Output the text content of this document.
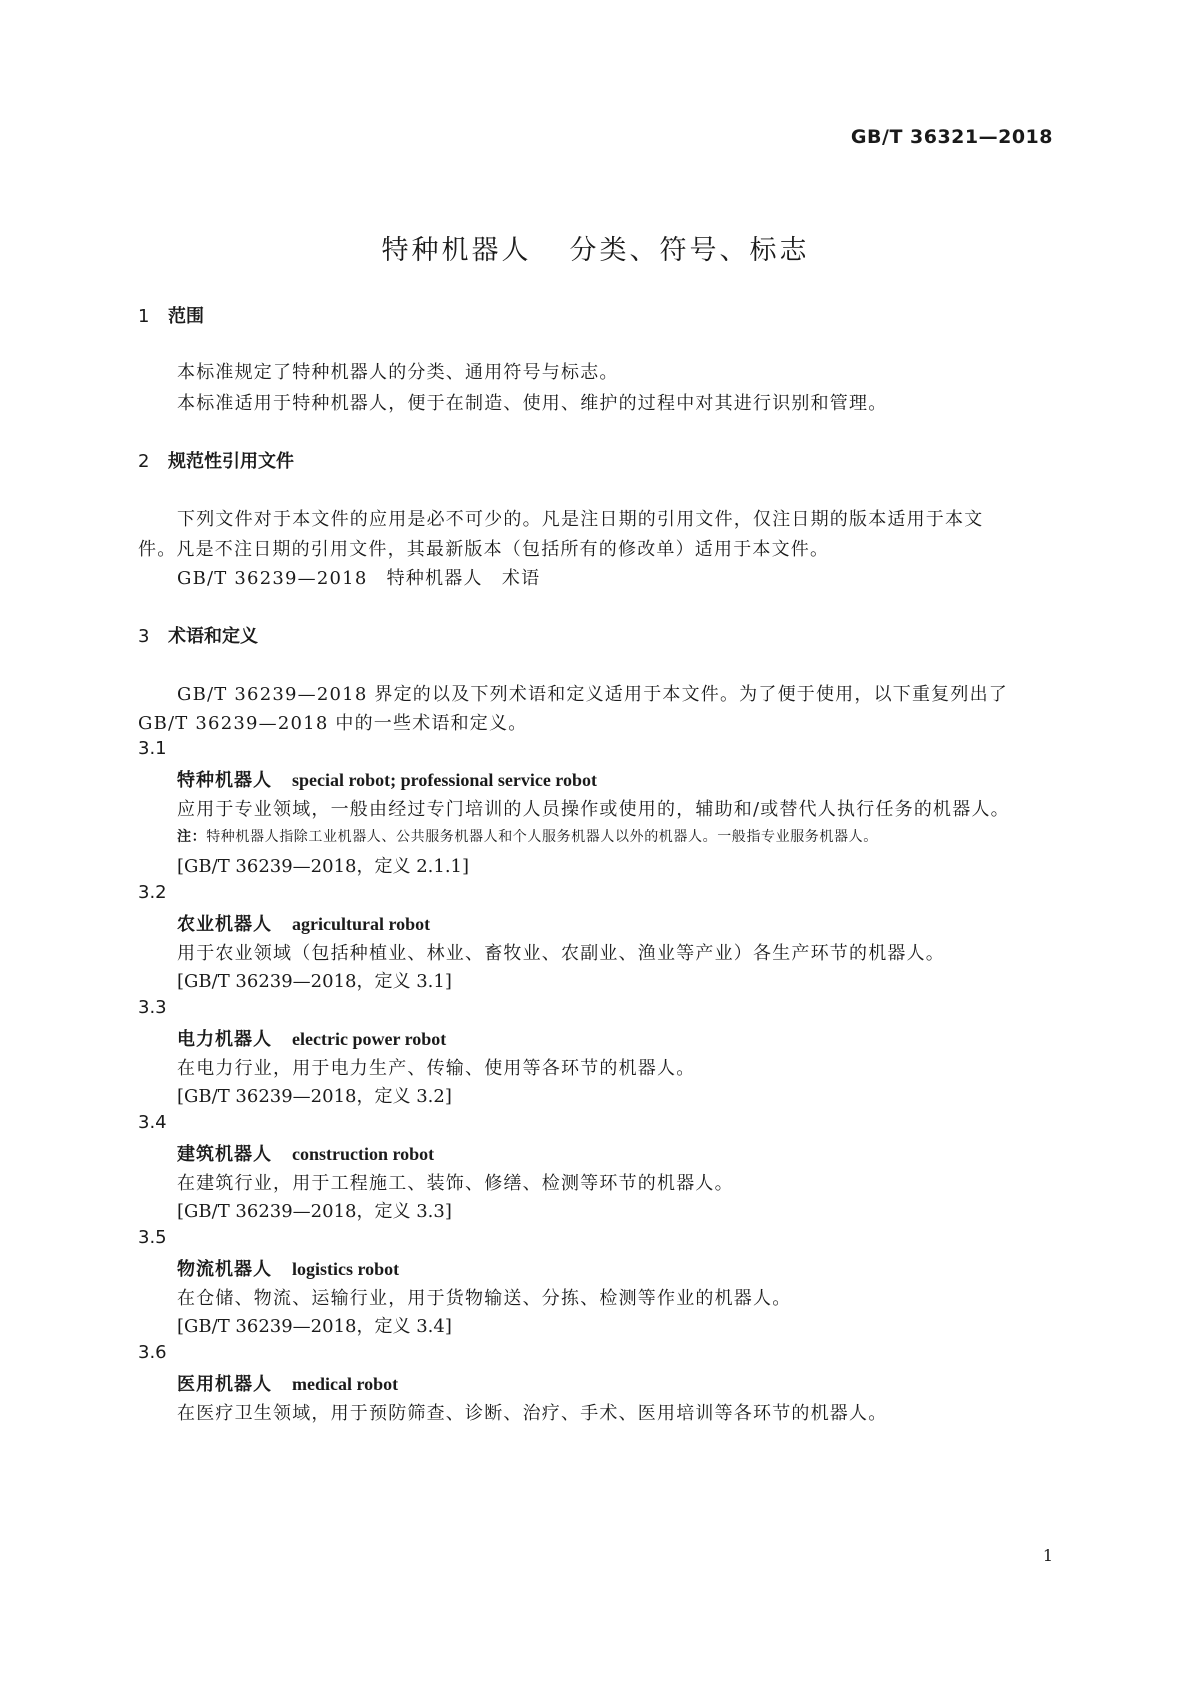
GB/T 36321—2018
特种机器人 分类、符号、标志
1 范围
本标准规定了特种机器人的分类、通用符号与标志。
本标准适用于特种机器人，便于在制造、使用、维护的过程中对其进行识别和管理。
2 规范性引用文件
下列文件对于本文件的应用是必不可少的。凡是注日期的引用文件，仅注日期的版本适用于本文
件。凡是不注日期的引用文件，其最新版本（包括所有的修改单）适用于本文件。
GB/T 36239—2018　特种机器人　术语
3 术语和定义
GB/T 36239—2018 界定的以及下列术语和定义适用于本文件。为了便于使用，以下重复列出了
GB/T 36239—2018 中的一些术语和定义。
3.1
特种机器人 special robot; professional service robot
应用于专业领域，一般由经过专门培训的人员操作或使用的，辅助和/或替代人执行任务的机器人。
注：特种机器人指除工业机器人、公共服务机器人和个人服务机器人以外的机器人。一般指专业服务机器人。
[GB/T 36239—2018，定义 2.1.1]
3.2
农业机器人 agricultural robot
用于农业领域（包括种植业、林业、畜牧业、农副业、渔业等产业）各生产环节的机器人。
[GB/T 36239—2018，定义 3.1]
3.3
电力机器人 electric power robot
在电力行业，用于电力生产、传输、使用等各环节的机器人。
[GB/T 36239—2018，定义 3.2]
3.4
建筑机器人 construction robot
在建筑行业，用于工程施工、装饰、修缮、检测等环节的机器人。
[GB/T 36239—2018，定义 3.3]
3.5
物流机器人 logistics robot
在仓储、物流、运输行业，用于货物输送、分拣、检测等作业的机器人。
[GB/T 36239—2018，定义 3.4]
3.6
医用机器人 medical robot
在医疗卫生领域，用于预防筛查、诊断、治疗、手术、医用培训等各环节的机器人。
1
